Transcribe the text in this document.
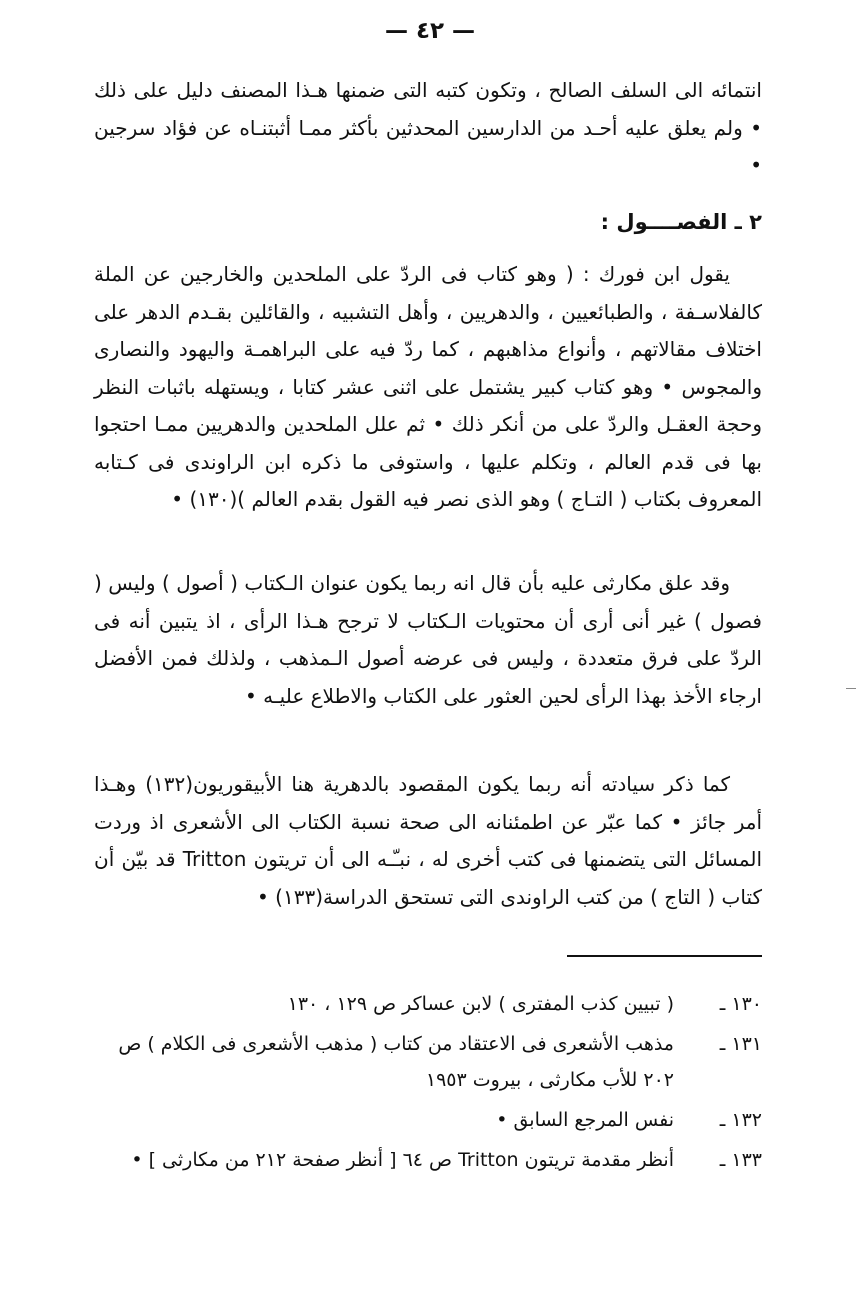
— ٤٢ —

انتمائه الى السلف الصالح ، وتكون كتبه التى ضمنها هـذا المصنف دليل على ذلك • ولم يعلق عليه أحـد من الدارسين المحدثين بأكثر ممـا أثبتنـاه عن فؤاد سرجين •

٢ ـ الفصــــول :

يقول ابن فورك : ( وهو كتاب فى الردّ على الملحدين والخارجين عن الملة كالفلاسـفة ، والطبائعيين ، والدهريين ، وأهل التشبيه ، والقائلين بقـدم الدهر على اختلاف مقالاتهم ، وأنواع مذاهبهم ، كما ردّ فيه على البراهمـة واليهود والنصارى والمجوس • وهو كتاب كبير يشتمل على اثنى عشر كتابا ، ويستهله باثبات النظر وحجة العقـل والردّ على من أنكر ذلك • ثم علل الملحدين والدهريين ممـا احتجوا بها فى قدم العالم ، وتكلم عليها ، واستوفى ما ذكره ابن الراوندى فى كـتابه المعروف بكتاب ( التـاج ) وهو الذى نصر فيه القول بقدم العالم )(١٣٠) •

وقد علق مكارثى عليه بأن قال انه ربما يكون عنوان الـكتاب ( أصول ) وليس ( فصول ) غير أنى أرى أن محتويات الـكتاب لا ترجح هـذا الرأى ، اذ يتبين أنه فى الردّ على فرق متعددة ، وليس فى عرضه أصول الـمذهب ، ولذلك فمن الأفضل ارجاء الأخذ بهذا الرأى لحين العثور على الكتاب والاطلاع عليـه •

كما ذكر سيادته أنه ربما يكون المقصود بالدهرية هنا الأبيقوريون(١٣٢) وهـذا أمر جائز • كما عبّر عن اطمئنانه الى صحة نسبة الكتاب الى الأشعرى اذ وردت المسائل التى يتضمنها فى كتب أخرى له ، نبـّـه الى أن تريتون Tritton قد بيّن أن كتاب ( التاج ) من كتب الراوندى التى تستحق الدراسة(١٣٣) •

١٣٠ ـ
( تبيين كذب المفترى ) لابن عساكر ص ١٢٩ ، ١٣٠
١٣١ ـ
مذهب الأشعرى فى الاعتقاد من كتاب ( مذهب الأشعرى فى الكلام ) ص ٢٠٢ للأب مكارثى ، بيروت ١٩٥٣
١٣٢ ـ
نفس المرجع السابق •
١٣٣ ـ
أنظر مقدمة تريتون Tritton ص ٦٤ [ أنظر صفحة ٢١٢ من مكارثى ] •
